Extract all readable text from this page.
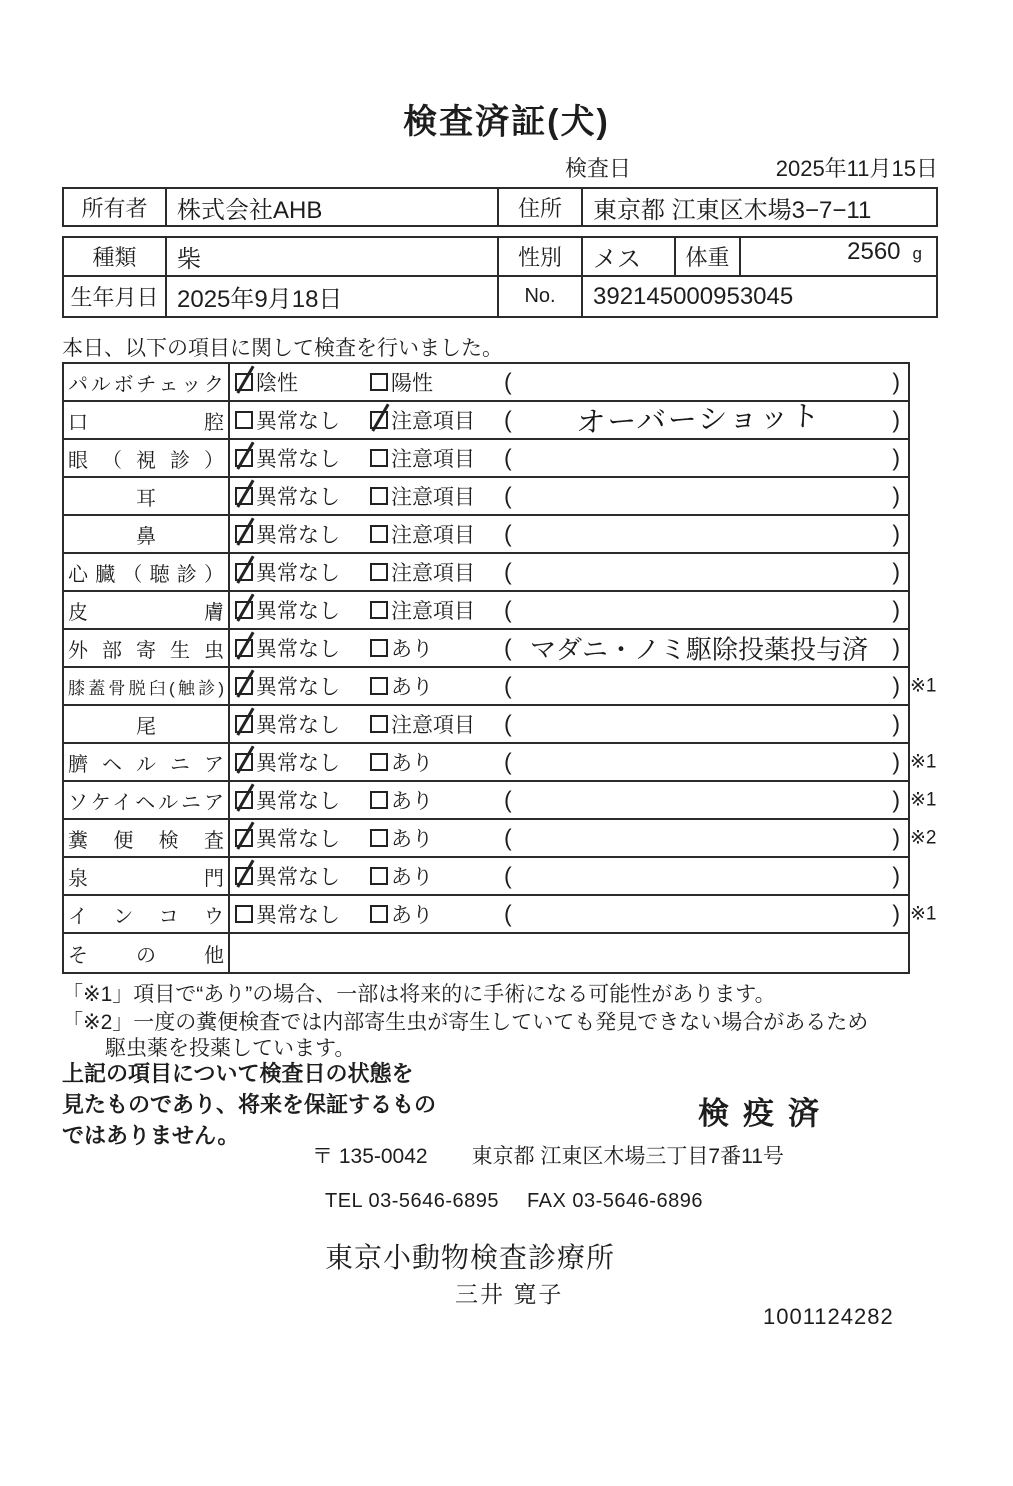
検査済証(犬)
検査日	2025年11月15日
所有者	株式会社AHB	住所	東京都 江東区木場3−7−11
種類	柴	性別	メス	体重	2560 g
生年月日 2025年9月18日	No.	392145000953045
本日、以下の項目に関して検査を行いました。
パルボチェック 陰性	陽性	(	)
口腔 異常なし 注意項目 (	オーバーショット	)
眼（視診） 異常なし 注意項目 (	)
耳	異常なし 注意項目 (	)
鼻	異常なし 注意項目 (	)
心臓（聴診） 異常なし 注意項目 (	)
皮膚 異常なし 注意項目 (	)
外部寄生虫 異常なし あり	( マダニ・ノミ駆除投薬投与済	)
膝蓋骨脱臼(触診) 異常なし あり	(	) ※1
尾	異常なし 注意項目 (	)
臍ヘルニア 異常なし あり	(	) ※1
ソケイヘルニア 異常なし あり	(	) ※1
糞便検査 異常なし あり	(	) ※2
泉門 異常なし あり	(	)
インコウ 異常なし あり	(	) ※1
その他
「※1」項目で“あり”の場合、一部は将来的に手術になる可能性があります。
「※2」一度の糞便検査では内部寄生虫が寄生していても発見できない場合があるため
駆虫薬を投薬しています。
上記の項目について検査日の状態を
見たものであり、将来を保証するもの
ではありません。
検疫済
〒 135-0042 東京都 江東区木場三丁目7番11号
TEL 03-5646-6895 FAX 03-5646-6896
東京小動物検査診療所
三井 寛子
1001124282
